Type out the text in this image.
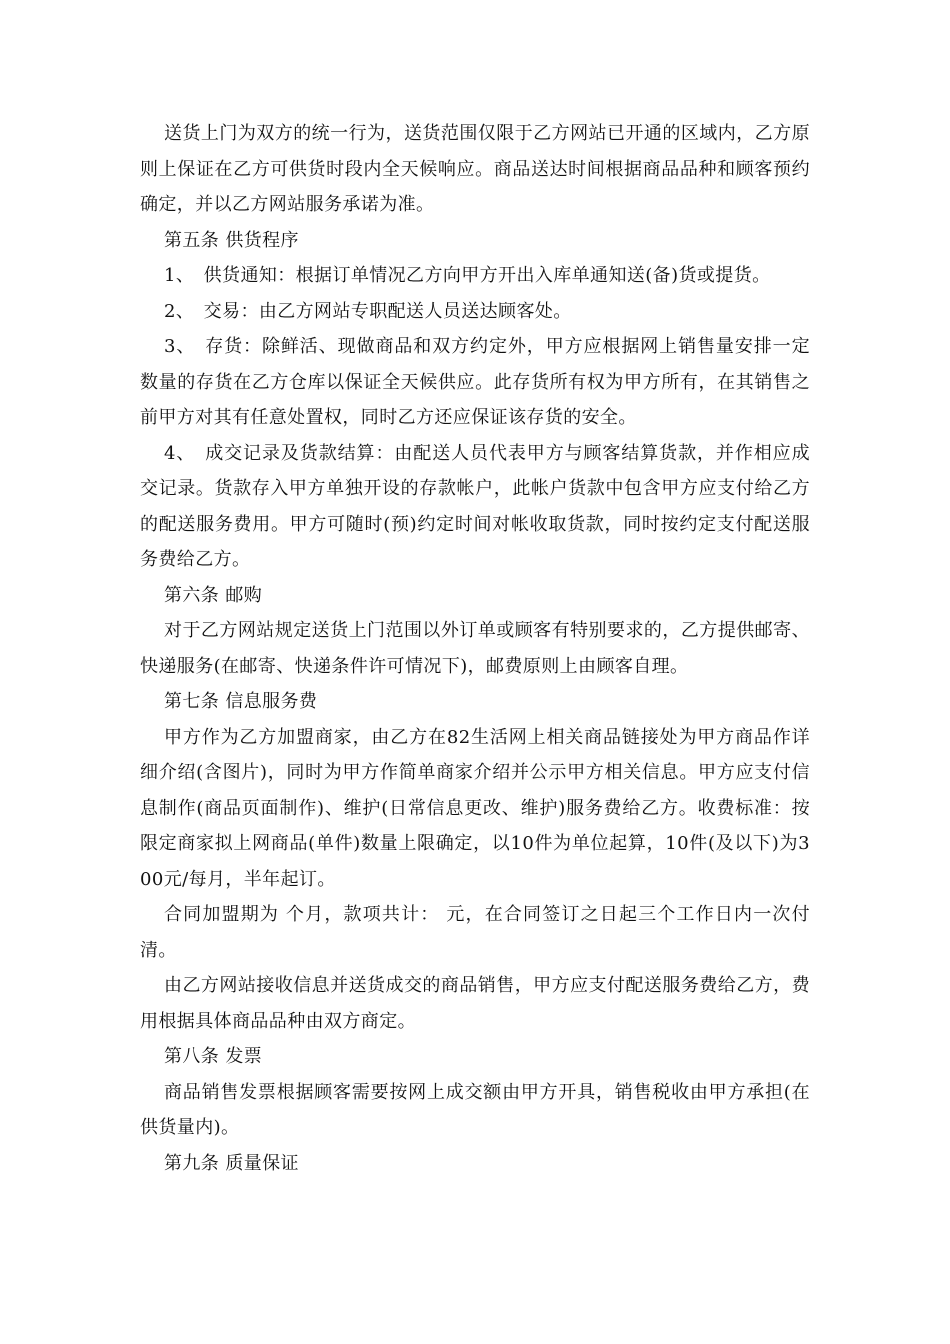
送货上门为双方的统一行为，送货范围仅限于乙方网站已开通的区域内，乙方原则上保证在乙方可供货时段内全天候响应。商品送达时间根据商品品种和顾客预约确定，并以乙方网站服务承诺为准。

第五条 供货程序

1、　供货通知：根据订单情况乙方向甲方开出入库单通知送(备)货或提货。

2、　交易：由乙方网站专职配送人员送达顾客处。

3、　存货：除鲜活、现做商品和双方约定外，甲方应根据网上销售量安排一定数量的存货在乙方仓库以保证全天候供应。此存货所有权为甲方所有，在其销售之前甲方对其有任意处置权，同时乙方还应保证该存货的安全。

4、　成交记录及货款结算：由配送人员代表甲方与顾客结算货款，并作相应成交记录。货款存入甲方单独开设的存款帐户，此帐户货款中包含甲方应支付给乙方的配送服务费用。甲方可随时(预)约定时间对帐收取货款，同时按约定支付配送服务费给乙方。

第六条 邮购

对于乙方网站规定送货上门范围以外订单或顾客有特别要求的，乙方提供邮寄、快递服务(在邮寄、快递条件许可情况下)，邮费原则上由顾客自理。

第七条 信息服务费

甲方作为乙方加盟商家，由乙方在82生活网上相关商品链接处为甲方商品作详细介绍(含图片)，同时为甲方作简单商家介绍并公示甲方相关信息。甲方应支付信息制作(商品页面制作)、维护(日常信息更改、维护)服务费给乙方。收费标准：按限定商家拟上网商品(单件)数量上限确定，以10件为单位起算，10件(及以下)为300元/每月，半年起订。

合同加盟期为 个月，款项共计： 元，在合同签订之日起三个工作日内一次付清。

由乙方网站接收信息并送货成交的商品销售，甲方应支付配送服务费给乙方，费用根据具体商品品种由双方商定。

第八条 发票

商品销售发票根据顾客需要按网上成交额由甲方开具，销售税收由甲方承担(在供货量内)。

第九条 质量保证
